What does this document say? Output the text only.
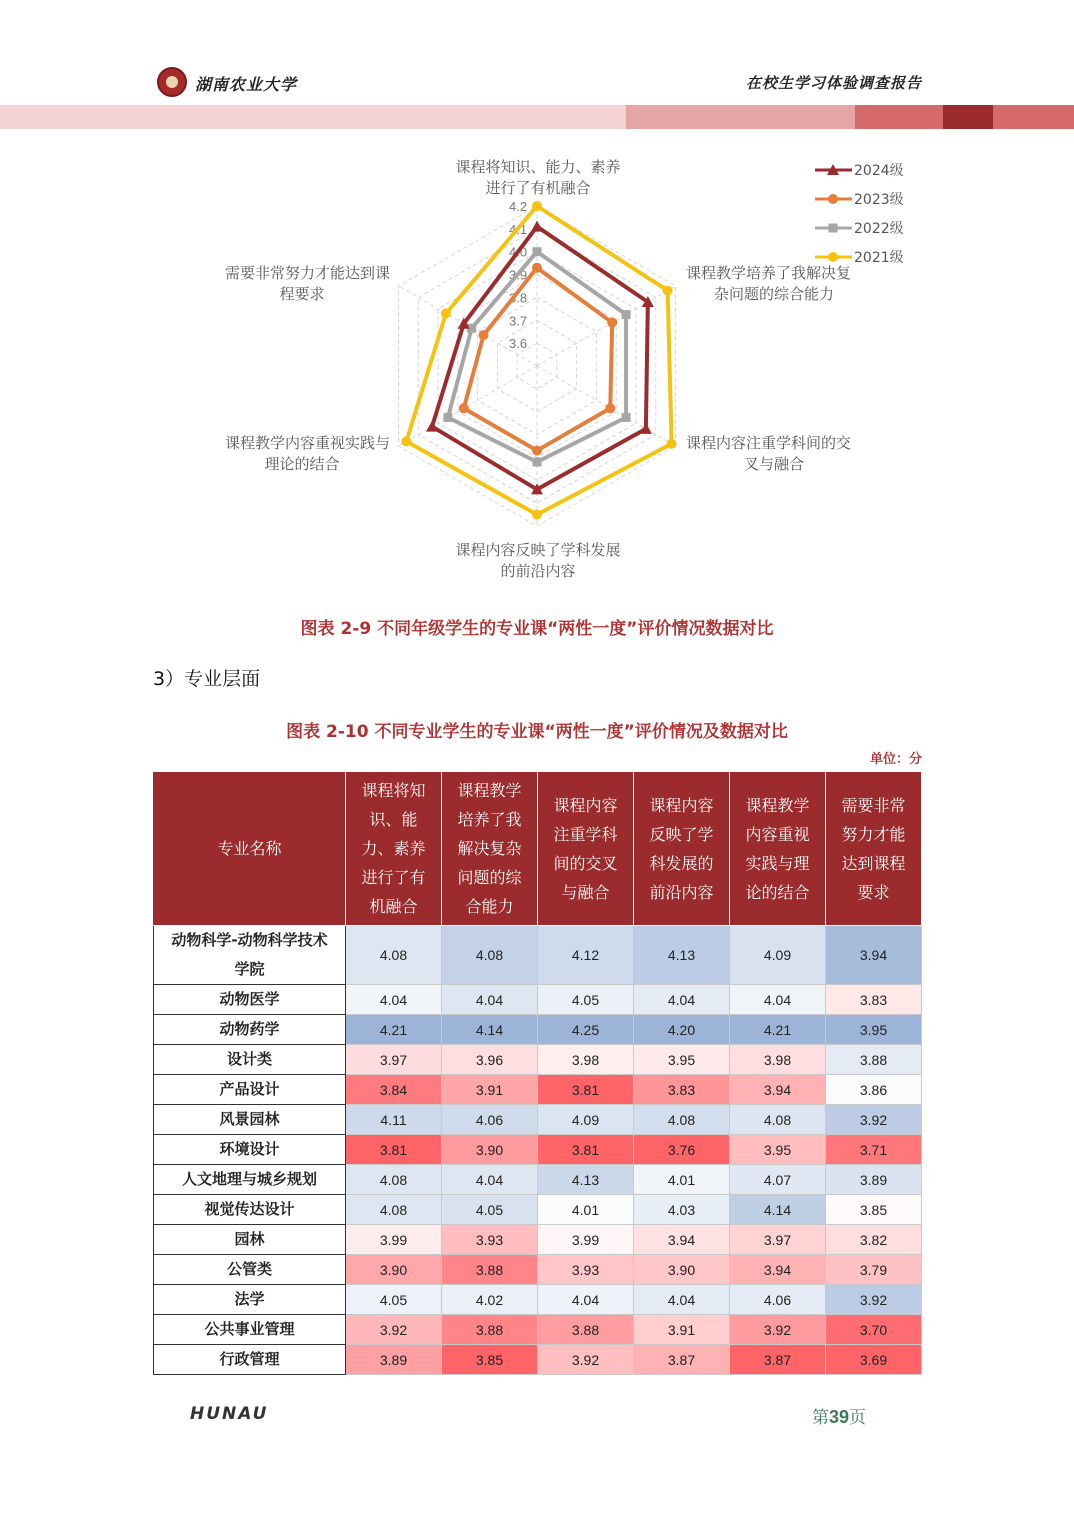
湖南农业大学	在校生学习体验调查报告
3.6
3.7
3.8
3.9
4.0
4.1
4.2
课程将知识、能力、素养
进行了有机融合
课程教学培养了我解决复
杂问题的综合能力
课程内容注重学科间的交
叉与融合
课程内容反映了学科发展
的前沿内容
课程教学内容重视实践与
理论的结合
需要非常努力才能达到课
程要求
2024级
2023级
2022级
2021级
图表 2-9 不同年级学生的专业课“两性一度”评价情况数据对比
3）专业层面
图表 2-10 不同专业学生的专业课“两性一度”评价情况及数据对比
单位：分
专业名称	课程将知
识、能
力、素养
进行了有
机融合	课程教学
培养了我
解决复杂
问题的综
合能力	课程内容
注重学科
间的交叉
与融合	课程内容
反映了学
科发展的
前沿内容	课程教学
内容重视
实践与理
论的结合	需要非常
努力才能
达到课程
要求
动物科学-动物科学技术
学院	4.08	4.08	4.12	4.13	4.09	3.94
动物医学	4.04	4.04	4.05	4.04	4.04	3.83
动物药学	4.21	4.14	4.25	4.20	4.21	3.95
设计类	3.97	3.96	3.98	3.95	3.98	3.88
产品设计	3.84	3.91	3.81	3.83	3.94	3.86
风景园林	4.11	4.06	4.09	4.08	4.08	3.92
环境设计	3.81	3.90	3.81	3.76	3.95	3.71
人文地理与城乡规划	4.08	4.04	4.13	4.01	4.07	3.89
视觉传达设计	4.08	4.05	4.01	4.03	4.14	3.85
园林	3.99	3.93	3.99	3.94	3.97	3.82
公管类	3.90	3.88	3.93	3.90	3.94	3.79
法学	4.05	4.02	4.04	4.04	4.06	3.92
公共事业管理	3.92	3.88	3.88	3.91	3.92	3.70
行政管理	3.89	3.85	3.92	3.87	3.87	3.69
HUNAU	第39页
